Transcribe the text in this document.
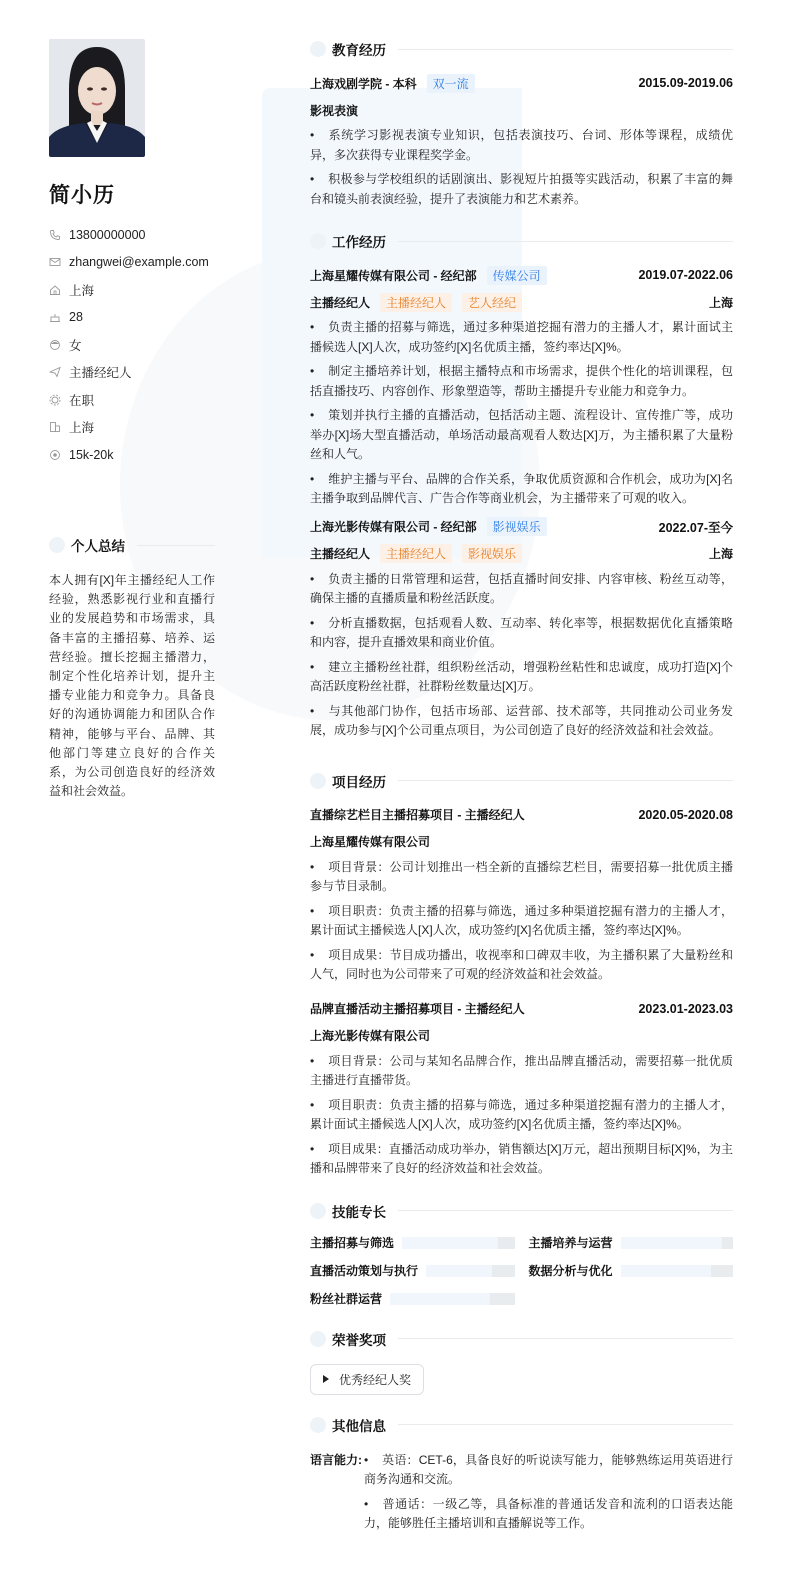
简小历
13800000000
zhangwei@example.com
上海
28
女
主播经纪人
在职
上海
15k-20k
个人总结
本人拥有[X]年主播经纪人工作经验，熟悉影视行业和直播行业的发展趋势和市场需求，具备丰富的主播招募、培养、运营经验。擅长挖掘主播潜力，制定个性化培养计划，提升主播专业能力和竞争力。具备良好的沟通协调能力和团队合作精神，能够与平台、品牌、其他部门等建立良好的合作关系，为公司创造良好的经济效益和社会效益。
教育经历
上海戏剧学院 - 本科	双一流	2015.09-2019.06
影视表演
• 系统学习影视表演专业知识，包括表演技巧、台词、形体等课程，成绩优异，多次获得专业课程奖学金。
• 积极参与学校组织的话剧演出、影视短片拍摄等实践活动，积累了丰富的舞台和镜头前表演经验，提升了表演能力和艺术素养。
工作经历
上海星耀传媒有限公司 - 经纪部	传媒公司	2019.07-2022.06
主播经纪人	主播经纪人	艺人经纪	上海
• 负责主播的招募与筛选，通过多种渠道挖掘有潜力的主播人才，累计面试主播候选人[X]人次，成功签约[X]名优质主播，签约率达[X]%。
• 制定主播培养计划，根据主播特点和市场需求，提供个性化的培训课程，包括直播技巧、内容创作、形象塑造等，帮助主播提升专业能力和竞争力。
• 策划并执行主播的直播活动，包括活动主题、流程设计、宣传推广等，成功举办[X]场大型直播活动，单场活动最高观看人数达[X]万，为主播积累了大量粉丝和人气。
• 维护主播与平台、品牌的合作关系，争取优质资源和合作机会，成功为[X]名主播争取到品牌代言、广告合作等商业机会，为主播带来了可观的收入。
上海光影传媒有限公司 - 经纪部	影视娱乐	2022.07-至今
主播经纪人	主播经纪人	影视娱乐	上海
• 负责主播的日常管理和运营，包括直播时间安排、内容审核、粉丝互动等，确保主播的直播质量和粉丝活跃度。
• 分析直播数据，包括观看人数、互动率、转化率等，根据数据优化直播策略和内容，提升直播效果和商业价值。
• 建立主播粉丝社群，组织粉丝活动，增强粉丝粘性和忠诚度，成功打造[X]个高活跃度粉丝社群，社群粉丝数量达[X]万。
• 与其他部门协作，包括市场部、运营部、技术部等，共同推动公司业务发展，成功参与[X]个公司重点项目，为公司创造了良好的经济效益和社会效益。
项目经历
直播综艺栏目主播招募项目 - 主播经纪人	2020.05-2020.08
上海星耀传媒有限公司
• 项目背景：公司计划推出一档全新的直播综艺栏目，需要招募一批优质主播参与节目录制。
• 项目职责：负责主播的招募与筛选，通过多种渠道挖掘有潜力的主播人才，累计面试主播候选人[X]人次，成功签约[X]名优质主播，签约率达[X]%。
• 项目成果：节目成功播出，收视率和口碑双丰收，为主播积累了大量粉丝和人气，同时也为公司带来了可观的经济效益和社会效益。
品牌直播活动主播招募项目 - 主播经纪人	2023.01-2023.03
上海光影传媒有限公司
• 项目背景：公司与某知名品牌合作，推出品牌直播活动，需要招募一批优质主播进行直播带货。
• 项目职责：负责主播的招募与筛选，通过多种渠道挖掘有潜力的主播人才，累计面试主播候选人[X]人次，成功签约[X]名优质主播，签约率达[X]%。
• 项目成果：直播活动成功举办，销售额达[X]万元，超出预期目标[X]%，为主播和品牌带来了良好的经济效益和社会效益。
技能专长
主播招募与筛选	主播培养与运营
直播活动策划与执行	数据分析与优化
粉丝社群运营
荣誉奖项
优秀经纪人奖
其他信息
语言能力:	• 英语：CET-6，具备良好的听说读写能力，能够熟练运用英语进行商务沟通和交流。
• 普通话：一级乙等，具备标准的普通话发音和流利的口语表达能力，能够胜任主播培训和直播解说等工作。
